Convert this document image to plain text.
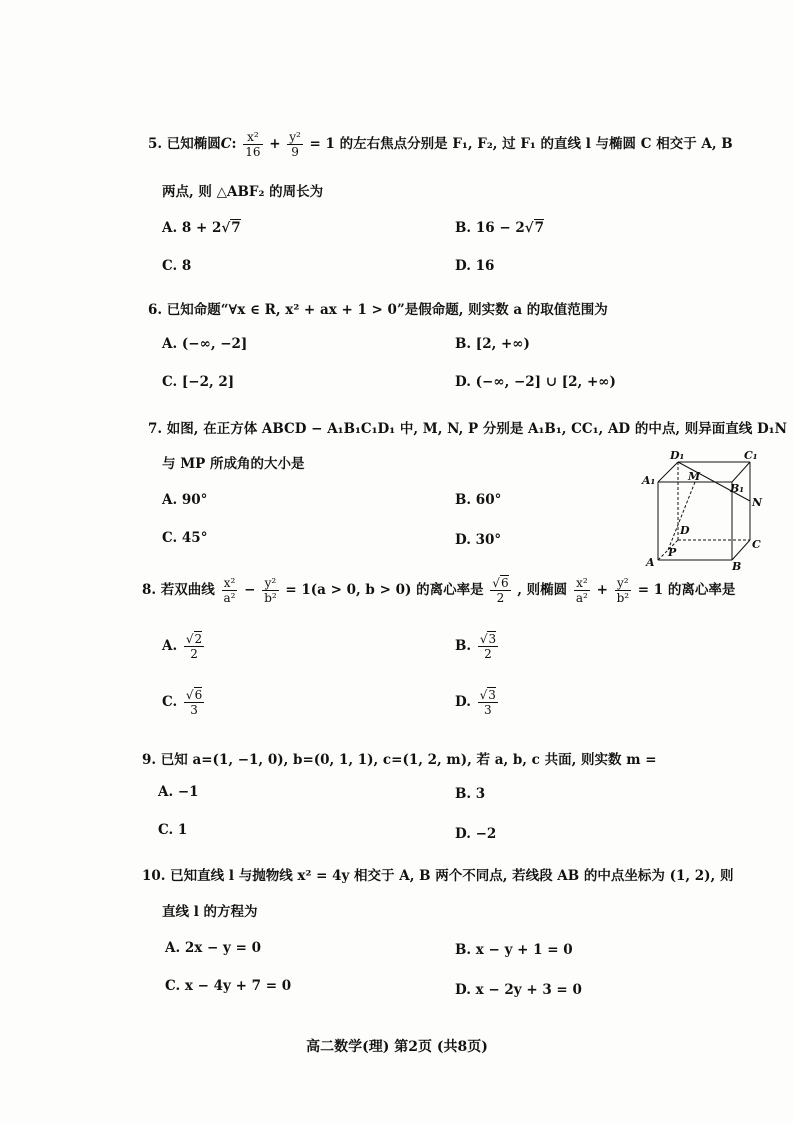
5. 已知椭圆C: $\frac{\text{x²}}{16} + \frac{\text{y²}}{9} = 1$ 的左右焦点分别是 F₁, F₂, 过 F₁ 的直线 l 与椭圆 C 相交于 A, B
两点, 则 △ABF₂ 的周长为
A. 8 + 2√7	B. 16 − 2√7
C. 8	D. 16
6. 已知命题“∀x ∈ R, x² + ax + 1 > 0”是假命题, 则实数 a 的取值范围为
A. (−∞, −2]	B. [2, +∞)
C. [−2, 2]	D. (−∞, −2] ∪ [2, +∞)
7. 如图, 在正方体 ABCD − A₁B₁C₁D₁ 中, M, N, P 分别是 A₁B₁, CC₁, AD 的中点, 则异面直线 D₁N
与 MP 所成角的大小是
A. 90°	B. 60°
C. 45°	D. 30°
D₁	C₁
A₁	M
B₁
N
D
A
P
B
C
8. 若双曲线 $\frac{\text{x²}}{\text{a²}} - \frac{\text{y²}}{\text{b²}} = 1(a > 0$, b > 0) 的离心率是 $\frac{√6}{2}$ , 则椭圆 $\frac{\text{x²}}{\text{a²}} + \frac{\text{y²}}{\text{b²}} = 1$ 的离心率是
A. $\frac{√2}{2}$	B. $\frac{√3}{2}$
C. $\frac{√6}{3}$	D. $\frac{√3}{3}$
9. 已知 a=(1, −1, 0), b=(0, 1, 1), c=(1, 2, m), 若 a, b, c 共面, 则实数 m =
A. −1	B. 3
C. 1	D. −2
10. 已知直线 l 与抛物线 x² = 4y 相交于 A, B 两个不同点, 若线段 AB 的中点坐标为 (1, 2), 则
直线 l 的方程为
A. 2x − y = 0	B. x − y + 1 = 0
C. x − 4y + 7 = 0	D. x − 2y + 3 = 0
高二数学(理) 第2页 (共8页)
